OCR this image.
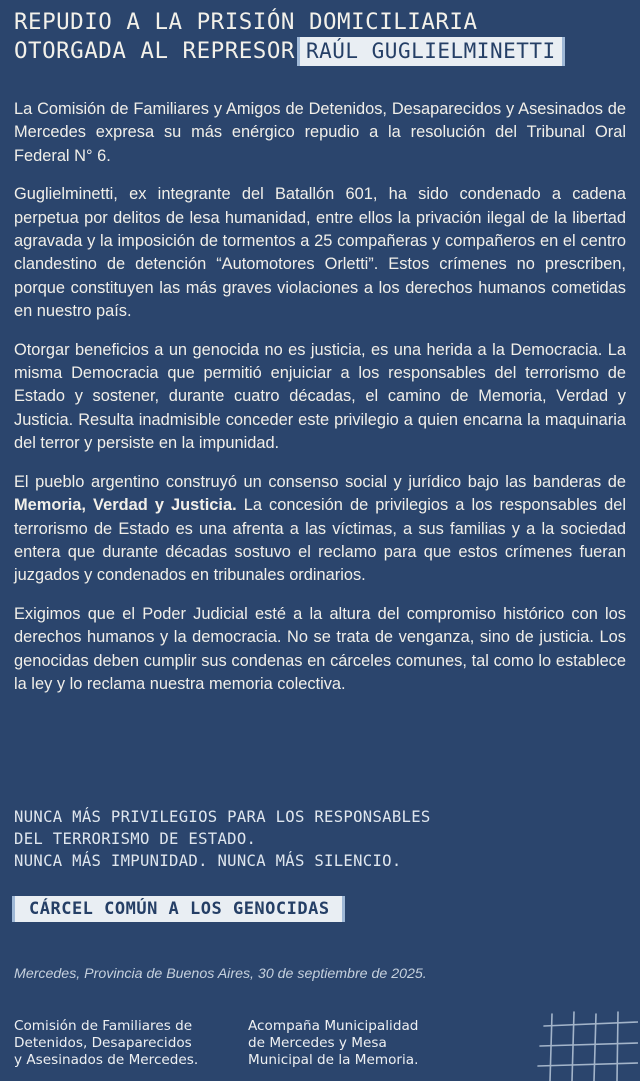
REPUDIO A LA PRISIÓN DOMICILIARIA
OTORGADA AL REPRESOR RAÚL GUGLIELMINETTI

La Comisión de Familiares y Amigos de Detenidos, Desaparecidos y Asesinados de Mercedes expresa su más enérgico repudio a la resolución del Tribunal Oral Federal N° 6.

Guglielminetti, ex integrante del Batallón 601, ha sido condenado a cadena perpetua por delitos de lesa humanidad, entre ellos la privación ilegal de la libertad agravada y la imposición de tormentos a 25 compañeras y compañeros en el centro clandestino de detención “Automotores Orletti”. Estos crímenes no prescriben, porque constituyen las más graves violaciones a los derechos humanos cometidas en nuestro país.

Otorgar beneficios a un genocida no es justicia, es una herida a la Democracia. La misma Democracia que permitió enjuiciar a los responsables del terrorismo de Estado y sostener, durante cuatro décadas, el camino de Memoria, Verdad y Justicia. Resulta inadmisible conceder este privilegio a quien encarna la maquinaria del terror y persiste en la impunidad.

El pueblo argentino construyó un consenso social y jurídico bajo las banderas de Memoria, Verdad y Justicia. La concesión de privilegios a los responsables del terrorismo de Estado es una afrenta a las víctimas, a sus familias y a la sociedad entera que durante décadas sostuvo el reclamo para que estos crímenes fueran juzgados y condenados en tribunales ordinarios.

Exigimos que el Poder Judicial esté a la altura del compromiso histórico con los derechos humanos y la democracia. No se trata de venganza, sino de justicia. Los genocidas deben cumplir sus condenas en cárceles comunes, tal como lo establece la ley y lo reclama nuestra memoria colectiva.

NUNCA MÁS PRIVILEGIOS PARA LOS RESPONSABLES
DEL TERRORISMO DE ESTADO.
NUNCA MÁS IMPUNIDAD. NUNCA MÁS SILENCIO.
CÁRCEL COMÚN A LOS GENOCIDAS
Mercedes, Provincia de Buenos Aires, 30 de septiembre de 2025.
Comisión de Familiares de
Detenidos, Desaparecidos
y Asesinados de Mercedes.
Acompaña Municipalidad
de Mercedes y Mesa
Municipal de la Memoria.
